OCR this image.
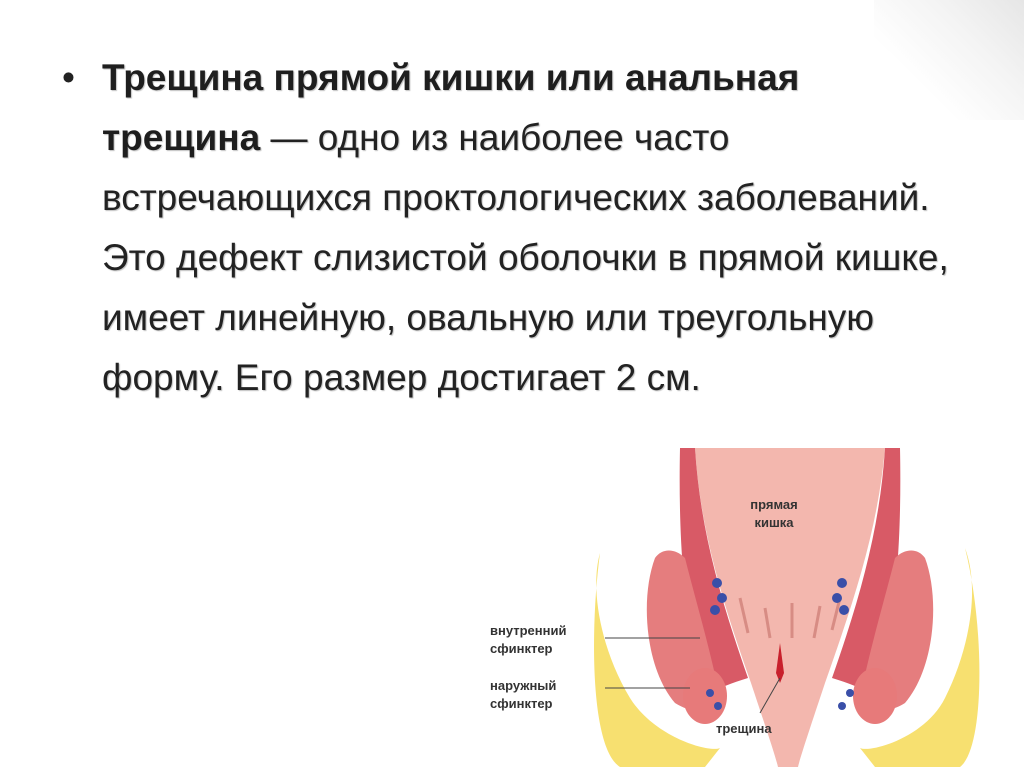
• Трещина прямой кишки или анальная трещина — одно из наиболее часто встречающихся проктологических заболеваний. Это дефект слизистой оболочки в прямой кишке, имеет линейную, овальную или треугольную форму. Его размер достигает 2 см.
прямая кишка
внутренний сфинктер
наружный сфинктер
трещина
